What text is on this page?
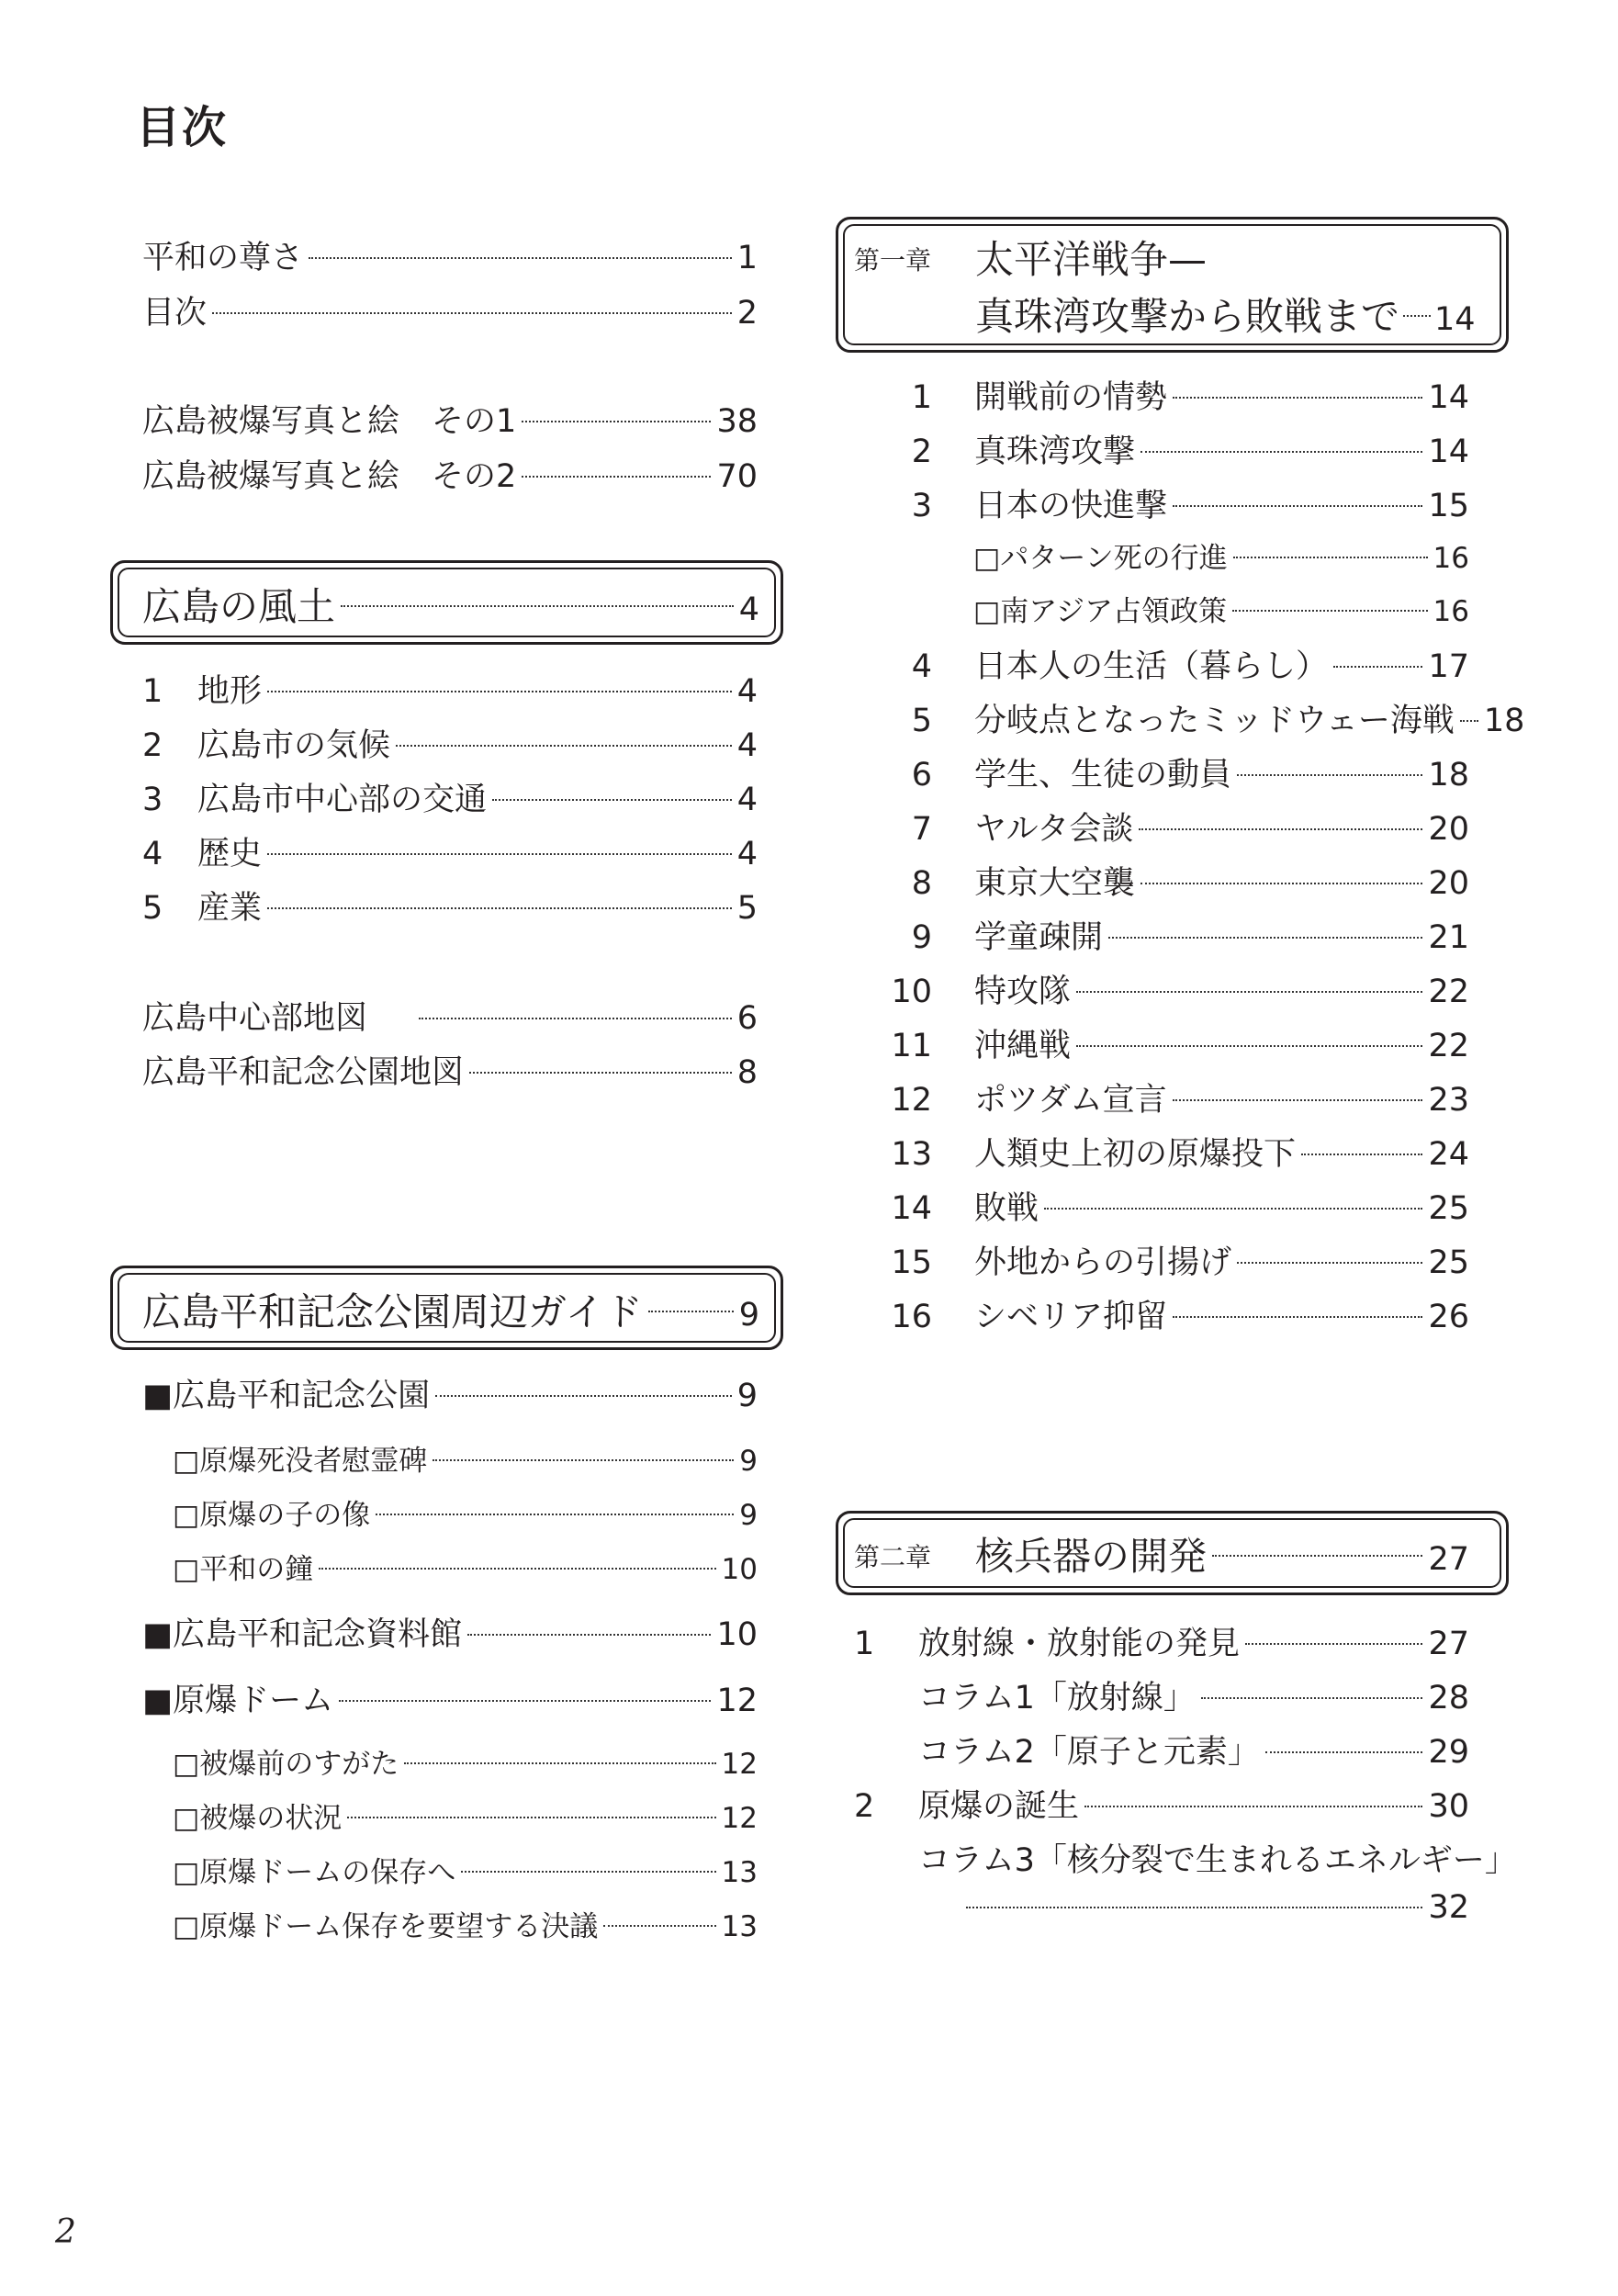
目次
平和の尊さ	1
目次	2
広島被爆写真と絵　その1	38
広島被爆写真と絵　その2	70
広島の風土	4
1 地形	4
2 広島市の気候	4
3 広島市中心部の交通	4
4 歴史	4
5 産業	5
広島中心部地図	6
広島平和記念公園地図	8
広島平和記念公園周辺ガイド	9
■広島平和記念公園	9
□原爆死没者慰霊碑	9
□原爆の子の像	9
□平和の鐘	10
■広島平和記念資料館	10
■原爆ドーム	12
□被爆前のすがた	12
□被爆の状況	12
□原爆ドームの保存へ	13
□原爆ドーム保存を要望する決議	13
第一章 太平洋戦争—
真珠湾攻撃から敗戦まで 14
1 開戦前の情勢	14
2 真珠湾攻撃	14
3 日本の快進撃	15
□パターン死の行進	16
□南アジア占領政策	16
4 日本人の生活（暮らし）	17
5 分岐点となったミッドウェー海戦 18
6 学生、生徒の動員	18
7 ヤルタ会談	20
8 東京大空襲	20
9 学童疎開	21
10 特攻隊	22
11 沖縄戦	22
12 ポツダム宣言	23
13 人類史上初の原爆投下	24
14 敗戦	25
15 外地からの引揚げ	25
16 シベリア抑留	26
第二章 核兵器の開発	27
1 放射線・放射能の発見	27
コラム1「放射線」	28
コラム2「原子と元素」	29
2 原爆の誕生	30
コラム3「核分裂で生まれるエネルギー」
32
2
